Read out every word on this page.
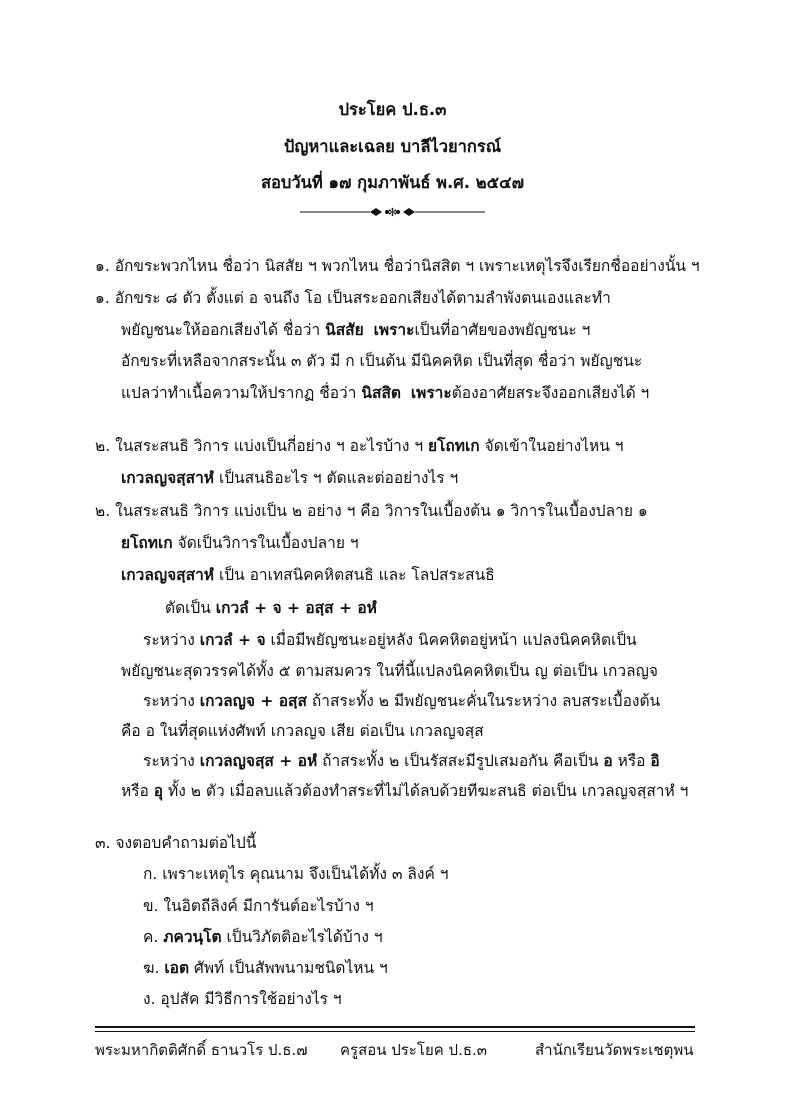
ประโยค ป.ธ.๓
ปัญหาและเฉลย บาลีไวยากรณ์
สอบวันที่ ๑๗ กุมภาพันธ์ พ.ศ. ๒๕๔๗
✻
๑. อักขระพวกไหน ชื่อว่า นิสสัย ฯ พวกไหน ชื่อว่านิสสิต ฯ เพราะเหตุไรจึงเรียกชื่ออย่างนั้น ฯ
๑. อักขระ ๘ ตัว ตั้งแต่ อ จนถึง โอ เป็นสระออกเสียงได้ตามลำพังตนเองและทำ
พยัญชนะให้ออกเสียงได้ ชื่อว่า นิสสัย เพราะเป็นที่อาศัยของพยัญชนะ ฯ
อักขระที่เหลือจากสระนั้น ๓ ตัว มี ก เป็นต้น มีนิคคหิต เป็นที่สุด ชื่อว่า พยัญชนะ
แปลว่าทำเนื้อความให้ปรากฏ ชื่อว่า นิสสิต เพราะต้องอาศัยสระจึงออกเสียงได้ ฯ
๒. ในสระสนธิ วิการ แบ่งเป็นกี่อย่าง ฯ อะไรบ้าง ฯ ยโถทเก จัดเข้าในอย่างไหน ฯ
เกวลญจสฺสาหํ เป็นสนธิอะไร ฯ ตัดและต่ออย่างไร ฯ
๒. ในสระสนธิ วิการ แบ่งเป็น ๒ อย่าง ฯ คือ วิการในเบื้องต้น ๑ วิการในเบื้องปลาย ๑
ยโถทเก จัดเป็นวิการในเบื้องปลาย ฯ
เกวลญจสฺสาหํ เป็น อาเทสนิคคหิตสนธิ และ โลปสระสนธิ
ตัดเป็น เกวลํ + จ + อสฺส + อหํ
ระหว่าง เกวลํ + จ เมื่อมีพยัญชนะอยู่หลัง นิคคหิตอยู่หน้า แปลงนิคคหิตเป็น
พยัญชนะสุดวรรคได้ทั้ง ๕ ตามสมควร ในที่นี้แปลงนิคคหิตเป็น ญ ต่อเป็น เกวลญจ
ระหว่าง เกวลญจ + อสฺส ถ้าสระทั้ง ๒ มีพยัญชนะคั่นในระหว่าง ลบสระเบื้องต้น
คือ อ ในที่สุดแห่งศัพท์ เกวลญจ เสีย ต่อเป็น เกวลญจสฺส
ระหว่าง เกวลญจสฺส + อหํ ถ้าสระทั้ง ๒ เป็นรัสสะมีรูปเสมอกัน คือเป็น อ หรือ อิ
หรือ อุ ทั้ง ๒ ตัว เมื่อลบแล้วต้องทำสระที่ไม่ได้ลบด้วยทีฆะสนธิ ต่อเป็น เกวลญจสฺสาหํ ฯ
๓. จงตอบคำถามต่อไปนี้
ก. เพราะเหตุไร คุณนาม จึงเป็นได้ทั้ง ๓ ลิงค์ ฯ
ข. ในอิตถีลิงค์ มีการันต์อะไรบ้าง ฯ
ค. ภควนฺโต เป็นวิภัตติอะไรได้บ้าง ฯ
ฆ. เอต ศัพท์ เป็นสัพพนามชนิดไหน ฯ
ง. อุปสัค มีวิธีการใช้อย่างไร ฯ
พระมหากิตติศักดิ์ ธานวโร ป.ธ.๗ ครูสอน ประโยค ป.ธ.๓	สำนักเรียนวัดพระเชตุพน
